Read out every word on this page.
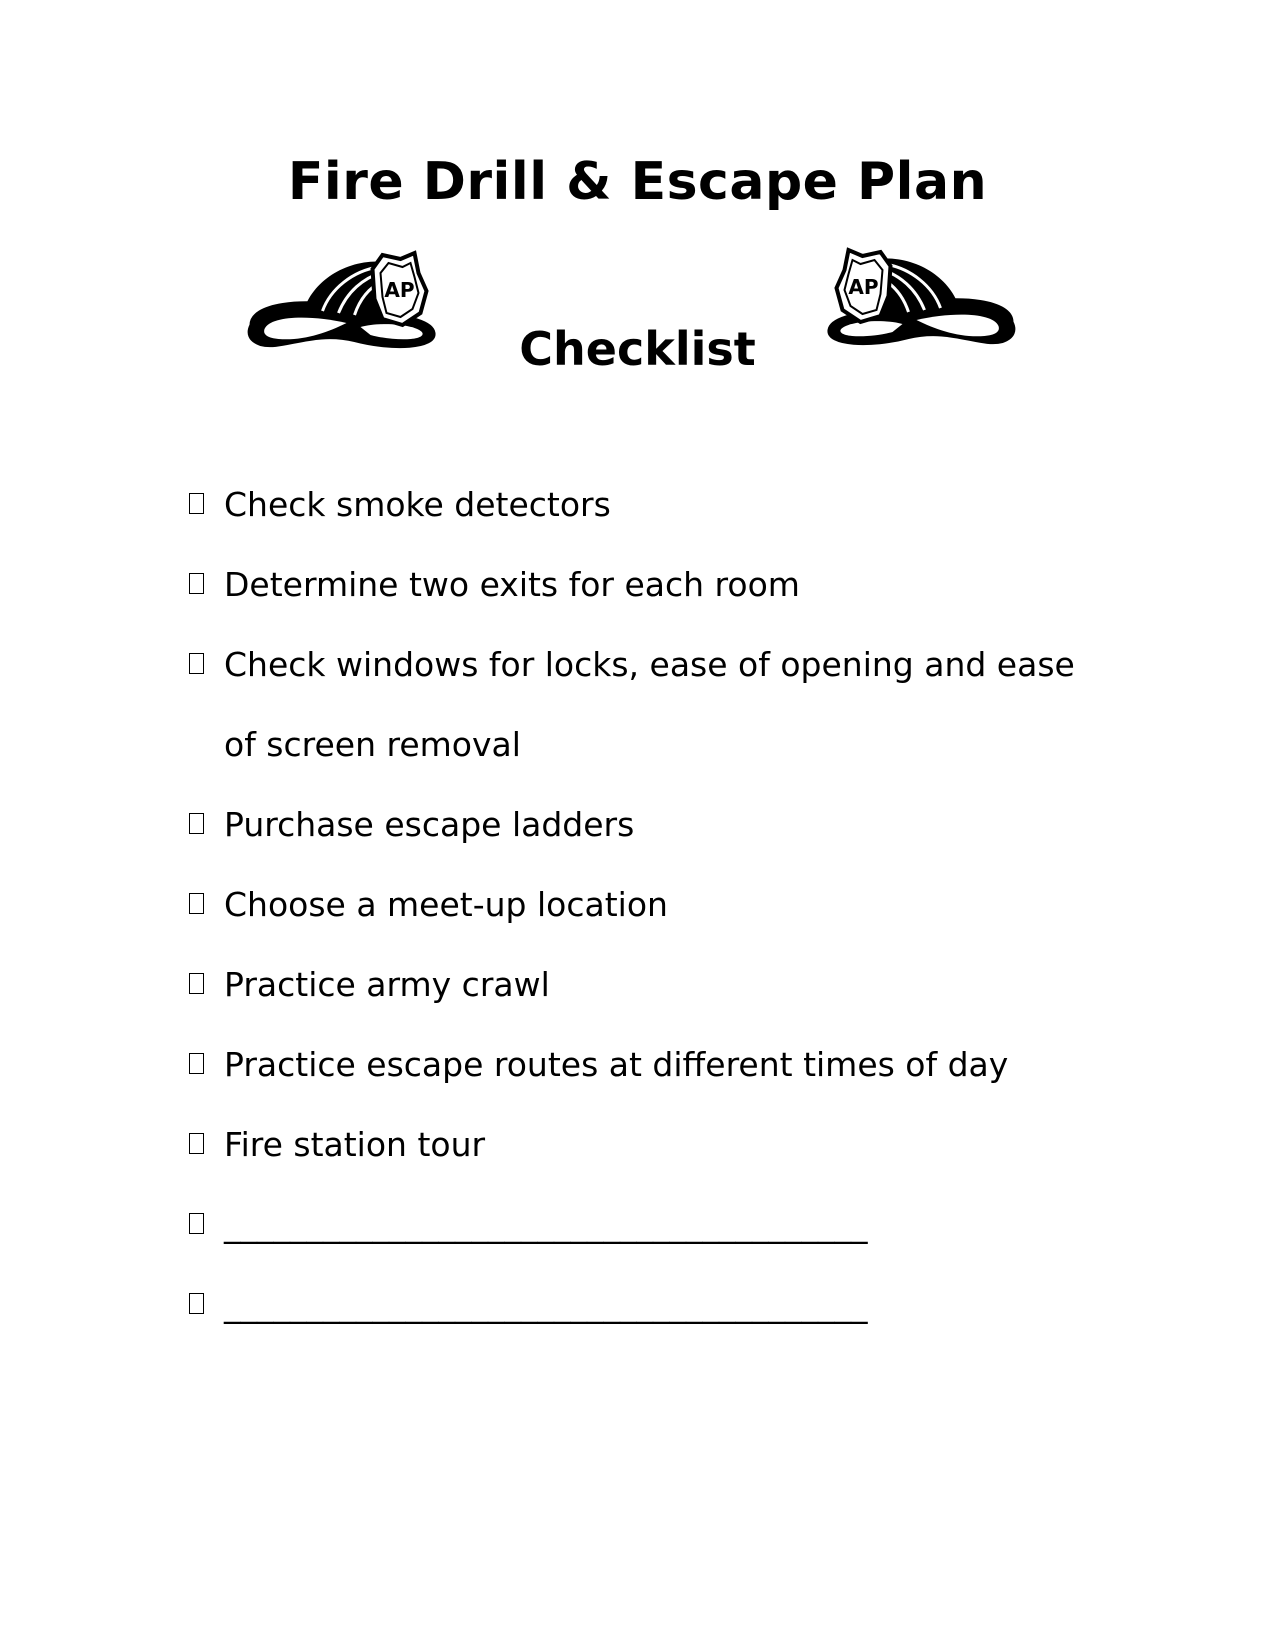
Fire Drill & Escape Plan
AP
Checklist
AP
Check smoke detectors
Determine two exits for each room
Check windows for locks, ease of opening and ease of screen removal
Purchase escape ladders
Choose a meet-up location
Practice army crawl
Practice escape routes at different times of day
Fire station tour
_______________________________________
_______________________________________
